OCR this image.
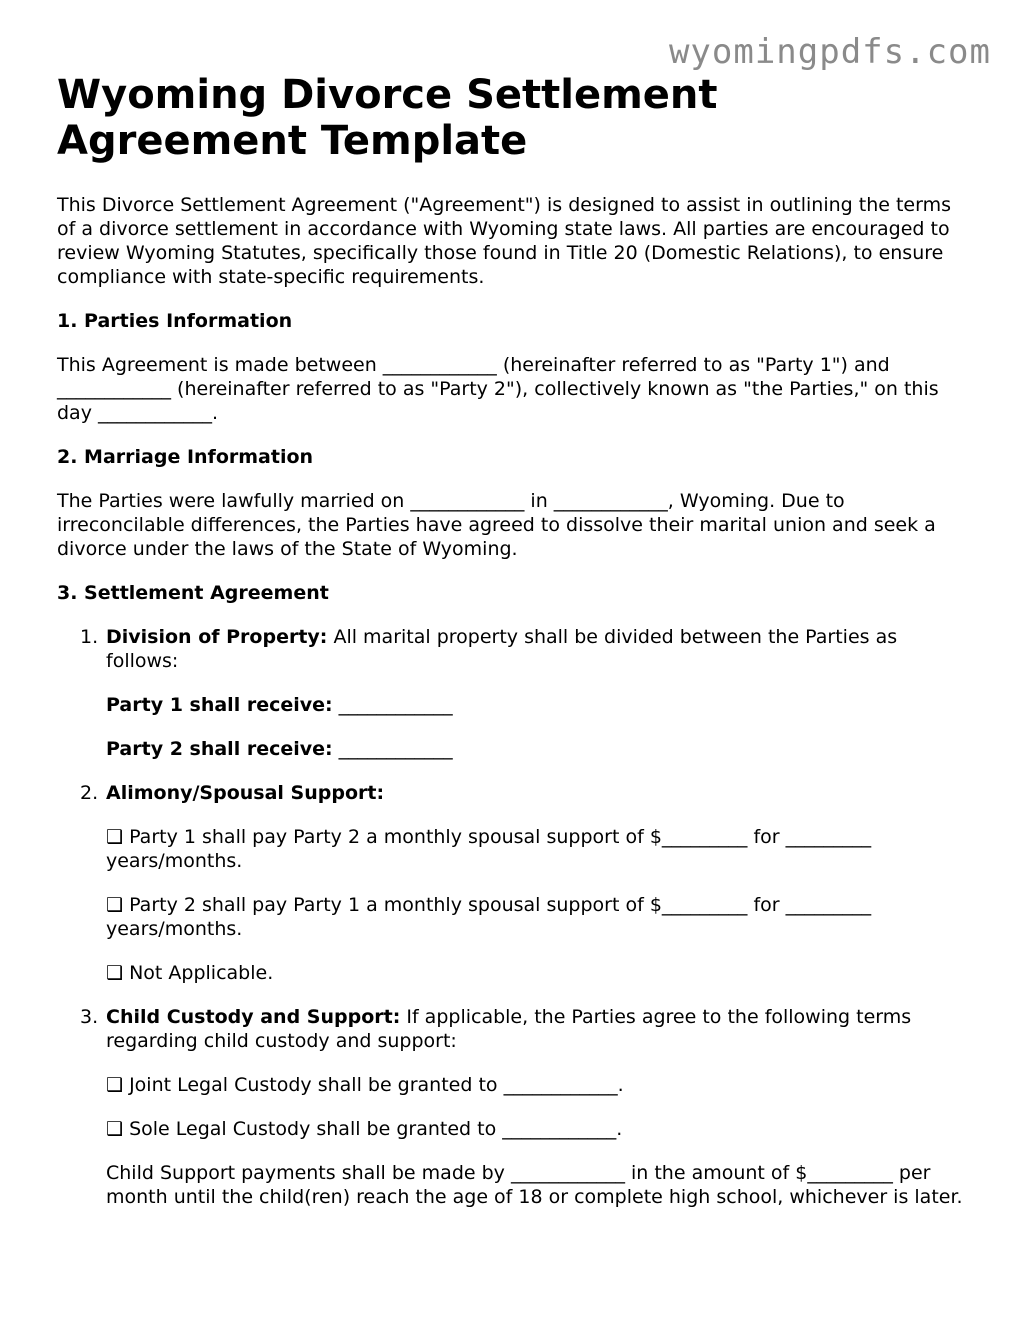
wyomingpdfs.com
Wyoming Divorce Settlement
Agreement Template

This Divorce Settlement Agreement ("Agreement") is designed to assist in outlining the terms of a divorce settlement in accordance with Wyoming state laws. All parties are encouraged to review Wyoming Statutes, specifically those found in Title 20 (Domestic Relations), to ensure compliance with state-specific requirements.

1. Parties Information

This Agreement is made between ____________ (hereinafter referred to as "Party 1") and ____________ (hereinafter referred to as "Party 2"), collectively known as "the Parties," on this day ____________.

2. Marriage Information

The Parties were lawfully married on ____________ in ____________, Wyoming. Due to irreconcilable differences, the Parties have agreed to dissolve their marital union and seek a divorce under the laws of the State of Wyoming.

3. Settlement Agreement
1. Division of Property: All marital property shall be divided between the Parties as follows:

Party 1 shall receive: ____________

Party 2 shall receive: ____________

2. Alimony/Spousal Support:

❑ Party 1 shall pay Party 2 a monthly spousal support of $_________ for _________ years/months.

❑ Party 2 shall pay Party 1 a monthly spousal support of $_________ for _________ years/months.

❑ Not Applicable.

3. Child Custody and Support: If applicable, the Parties agree to the following terms regarding child custody and support:

❑ Joint Legal Custody shall be granted to ____________.

❑ Sole Legal Custody shall be granted to ____________.

Child Support payments shall be made by ____________ in the amount of $_________ per month until the child(ren) reach the age of 18 or complete high school, whichever is later.
